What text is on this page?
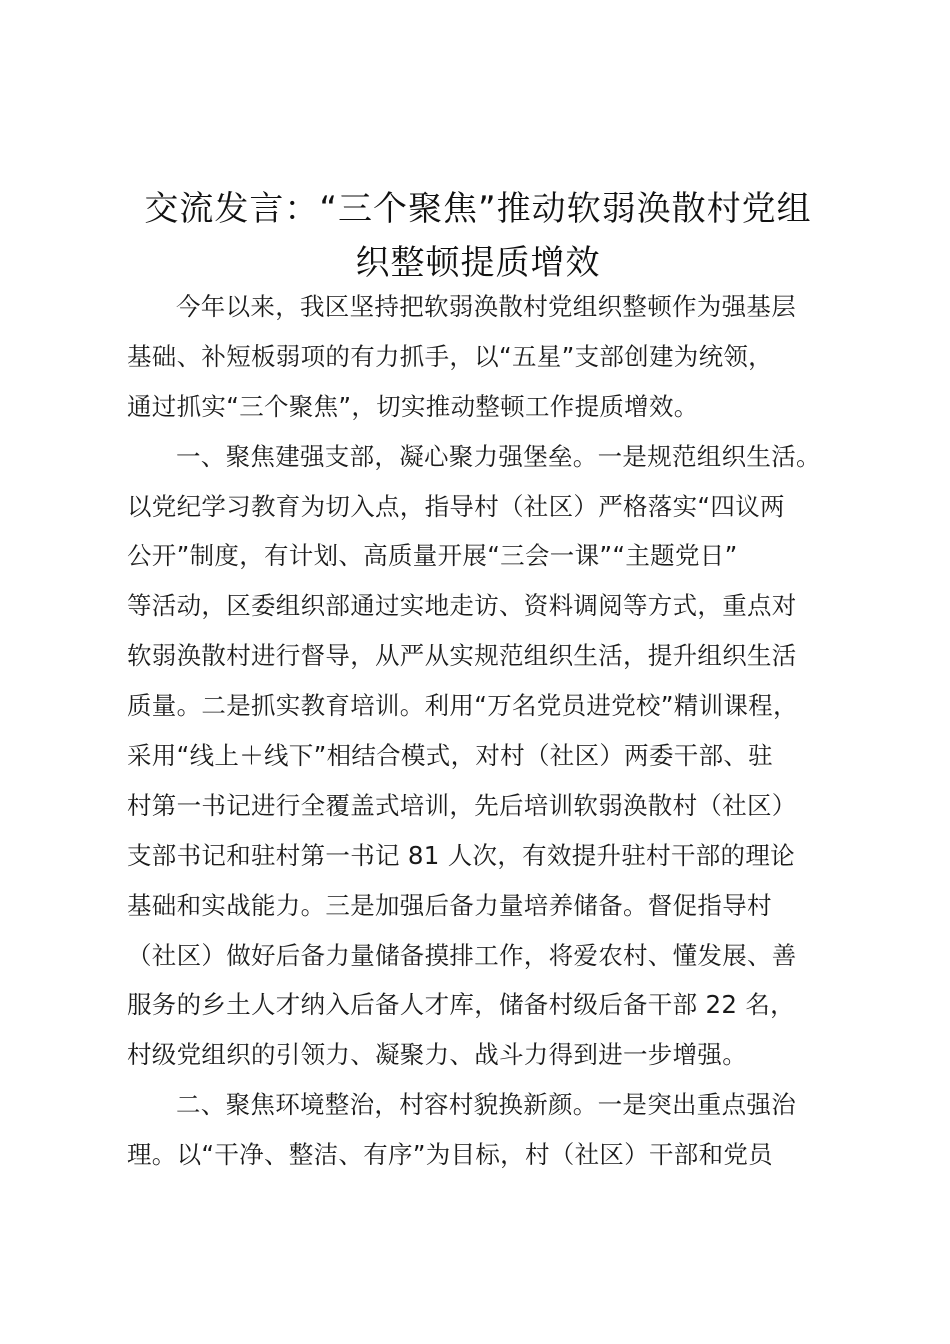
交流发言：“三个聚焦”推动软弱涣散村党组
织整顿提质增效
今年以来，我区坚持把软弱涣散村党组织整顿作为强基层
基础、补短板弱项的有力抓手，以“五星”支部创建为统领，
通过抓实“三个聚焦”，切实推动整顿工作提质增效。
一、聚焦建强支部，凝心聚力强堡垒。一是规范组织生活。
以党纪学习教育为切入点，指导村（社区）严格落实“四议两
公开”制度，有计划、高质量开展“三会一课”“主题党日”
等活动，区委组织部通过实地走访、资料调阅等方式，重点对
软弱涣散村进行督导，从严从实规范组织生活，提升组织生活
质量。二是抓实教育培训。利用“万名党员进党校”精训课程，
采用“线上＋线下”相结合模式，对村（社区）两委干部、驻
村第一书记进行全覆盖式培训，先后培训软弱涣散村（社区）
支部书记和驻村第一书记 81 人次，有效提升驻村干部的理论
基础和实战能力。三是加强后备力量培养储备。督促指导村
（社区）做好后备力量储备摸排工作，将爱农村、懂发展、善
服务的乡土人才纳入后备人才库，储备村级后备干部 22 名，
村级党组织的引领力、凝聚力、战斗力得到进一步增强。
二、聚焦环境整治，村容村貌换新颜。一是突出重点强治
理。以“干净、整洁、有序”为目标，村（社区）干部和党员
